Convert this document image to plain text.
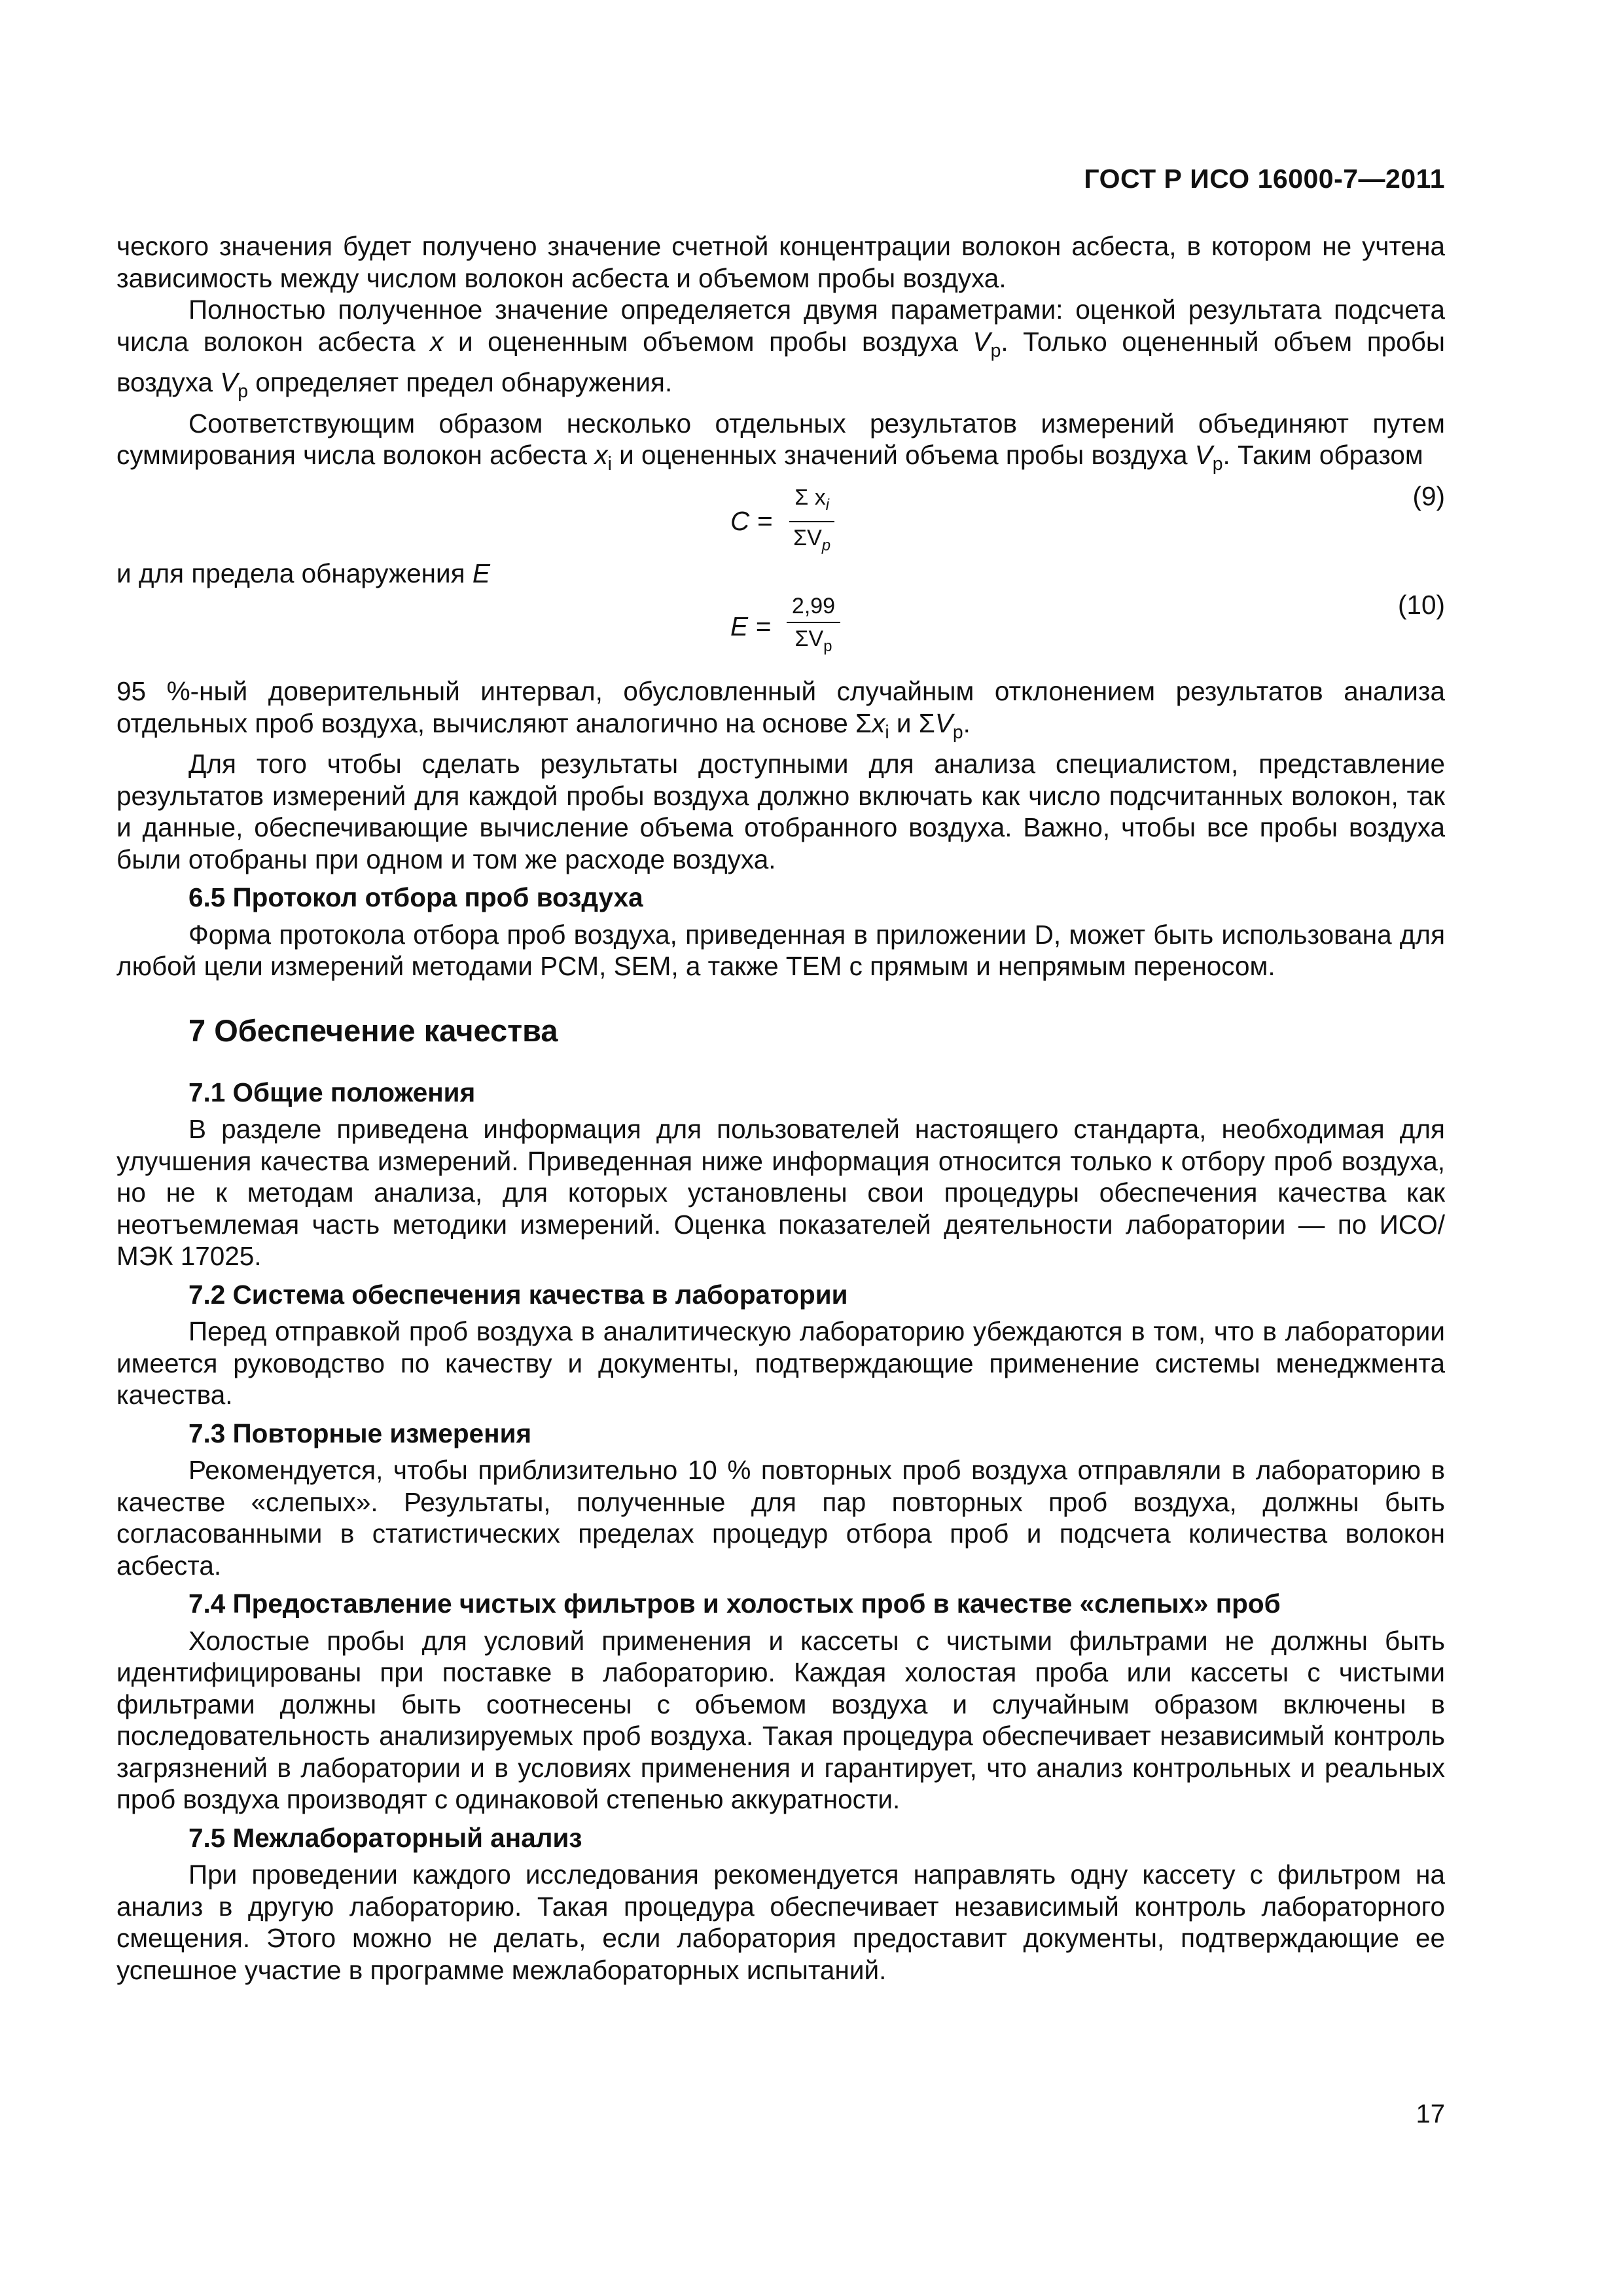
ГОСТ Р ИСО 16000-7—2011

ческого значения будет получено значение счетной концентрации волокон асбеста, в котором не учтена зависимость между числом волокон асбеста и объемом пробы воздуха.

Полностью полученное значение определяется двумя параметрами: оценкой результата подсчета числа волокон асбеста x и оцененным объемом пробы воздуха $V_p$. Только оцененный объем пробы воздуха $V_p$ определяет предел обнаружения.

Соответствующим образом несколько отдельных результатов измерений объединяют путем суммирования числа волокон асбеста $x_i$ и оцененных значений объема пробы воздуха $V_p$. Таким образом

$C = \frac{\Sigma x_i}{\Sigma V_p}$	(9)

и для предела обнаружения E

$E = \frac{2,99}{\Sigma V_p}$	(10)

95 %-ный доверительный интервал, обусловленный случайным отклонением результатов анализа отдельных проб воздуха, вычисляют аналогично на основе $\Sigma x_i$ и $\Sigma V_p$.

Для того чтобы сделать результаты доступными для анализа специалистом, представление результатов измерений для каждой пробы воздуха должно включать как число подсчитанных волокон, так и данные, обеспечивающие вычисление объема отобранного воздуха. Важно, чтобы все пробы воздуха были отобраны при одном и том же расходе воздуха.

6.5 Протокол отбора проб воздуха

Форма протокола отбора проб воздуха, приведенная в приложении D, может быть использована для любой цели измерений методами PCM, SEM, а также TEM с прямым и непрямым переносом.

7 Обеспечение качества
7.1 Общие положения

В разделе приведена информация для пользователей настоящего стандарта, необходимая для улучшения качества измерений. Приведенная ниже информация относится только к отбору проб воздуха, но не к методам анализа, для которых установлены свои процедуры обеспечения качества как неотъемлемая часть методики измерений. Оценка показателей деятельности лаборатории — по ИСО/МЭК 17025.

7.2 Система обеспечения качества в лаборатории

Перед отправкой проб воздуха в аналитическую лабораторию убеждаются в том, что в лаборатории имеется руководство по качеству и документы, подтверждающие применение системы менеджмента качества.

7.3 Повторные измерения

Рекомендуется, чтобы приблизительно 10 % повторных проб воздуха отправляли в лабораторию в качестве «слепых». Результаты, полученные для пар повторных проб воздуха, должны быть согласованными в статистических пределах процедур отбора проб и подсчета количества волокон асбеста.

7.4 Предоставление чистых фильтров и холостых проб в качестве «слепых» проб

Холостые пробы для условий применения и кассеты с чистыми фильтрами не должны быть идентифицированы при поставке в лабораторию. Каждая холостая проба или кассеты с чистыми фильтрами должны быть соотнесены с объемом воздуха и случайным образом включены в последовательность анализируемых проб воздуха. Такая процедура обеспечивает независимый контроль загрязнений в лаборатории и в условиях применения и гарантирует, что анализ контрольных и реальных проб воздуха производят с одинаковой степенью аккуратности.

7.5 Межлабораторный анализ

При проведении каждого исследования рекомендуется направлять одну кассету с фильтром на анализ в другую лабораторию. Такая процедура обеспечивает независимый контроль лабораторного смещения. Этого можно не делать, если лаборатория предоставит документы, подтверждающие ее успешное участие в программе межлабораторных испытаний.

17
